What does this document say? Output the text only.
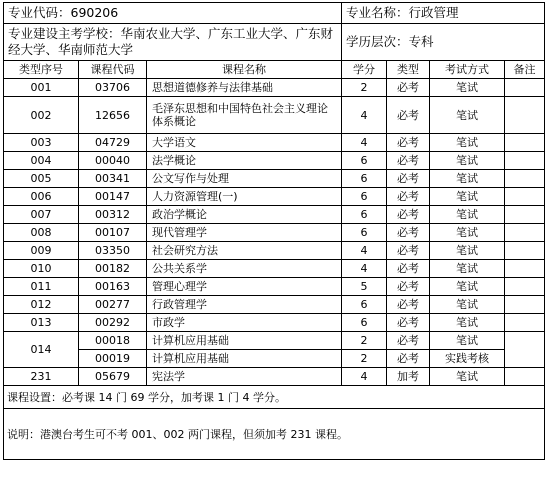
专业代码：690206			专业名称：行政管理			
专业建设主考学校：华南农业大学、广东工业大学、广东财经大学、华南师范大学			学历层次：专科			
类型序号	课程代码	课程名称	学分	类型	考试方式	备注
001	03706	思想道德修养与法律基础	2	必考	笔试	
002	12656	毛泽东思想和中国特色社会主义理论体系概论	4	必考	笔试	
003	04729	大学语文	4	必考	笔试	
004	00040	法学概论	6	必考	笔试	
005	00341	公文写作与处理	6	必考	笔试	
006	00147	人力资源管理(一)	6	必考	笔试	
007	00312	政治学概论	6	必考	笔试	
008	00107	现代管理学	6	必考	笔试	
009	03350	社会研究方法	4	必考	笔试	
010	00182	公共关系学	4	必考	笔试	
011	00163	管理心理学	5	必考	笔试	
012	00277	行政管理学	6	必考	笔试	
013	00292	市政学	6	必考	笔试	
014	00018	计算机应用基础	2	必考	笔试	
	00019	计算机应用基础	2	必考	实践考核	
231	05679	宪法学	4	加考	笔试	
课程设置：必考课 14 门 69 学分，加考课 1 门 4 学分。						
说明：港澳台考生可不考 001、002 两门课程，但须加考 231 课程。						
